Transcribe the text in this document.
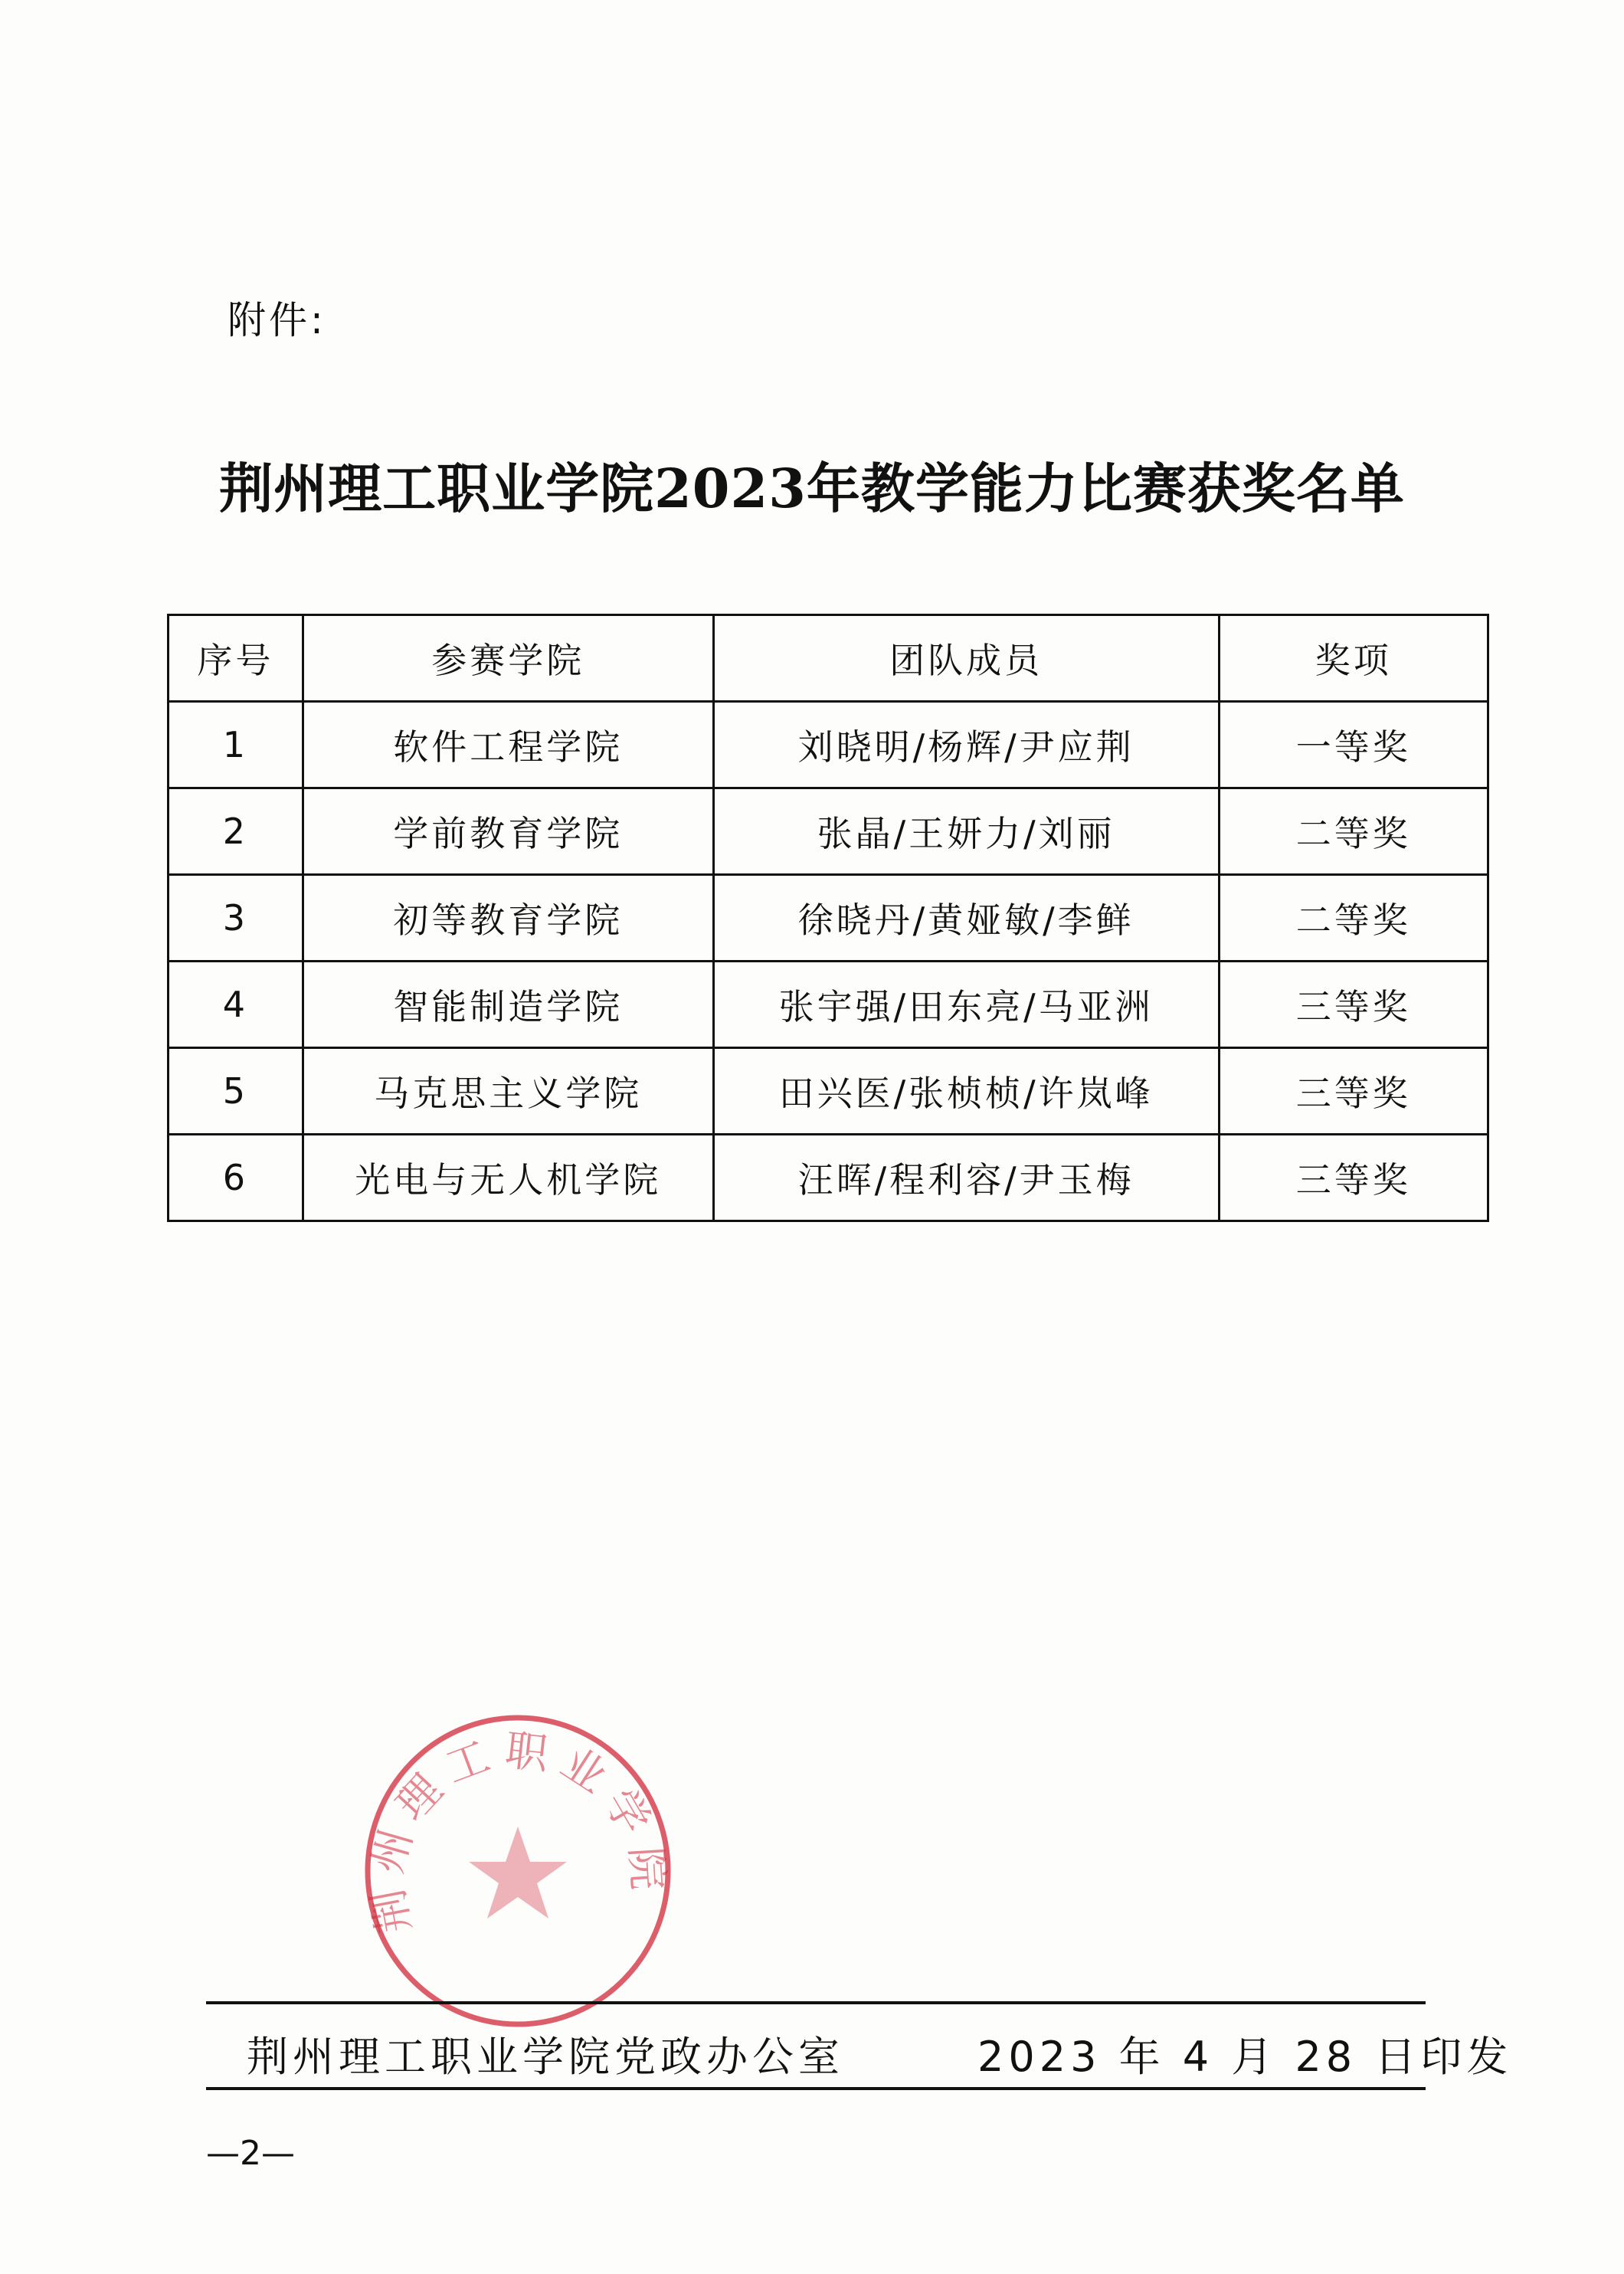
附件:
荆州理工职业学院2023年教学能力比赛获奖名单
序号	参赛学院	团队成员	奖项
1	软件工程学院	刘晓明/杨辉/尹应荆	一等奖
2	学前教育学院	张晶/王妍力/刘丽	二等奖
3	初等教育学院	徐晓丹/黄娅敏/李鲜	二等奖
4	智能制造学院	张宇强/田东亮/马亚洲	三等奖
5	马克思主义学院	田兴医/张桢桢/许岚峰	三等奖
6	光电与无人机学院	汪晖/程利容/尹玉梅	三等奖
荆州理工职业学院
荆州理工职业学院党政办公室	2023 年 4 月 28 日印发
—2—
